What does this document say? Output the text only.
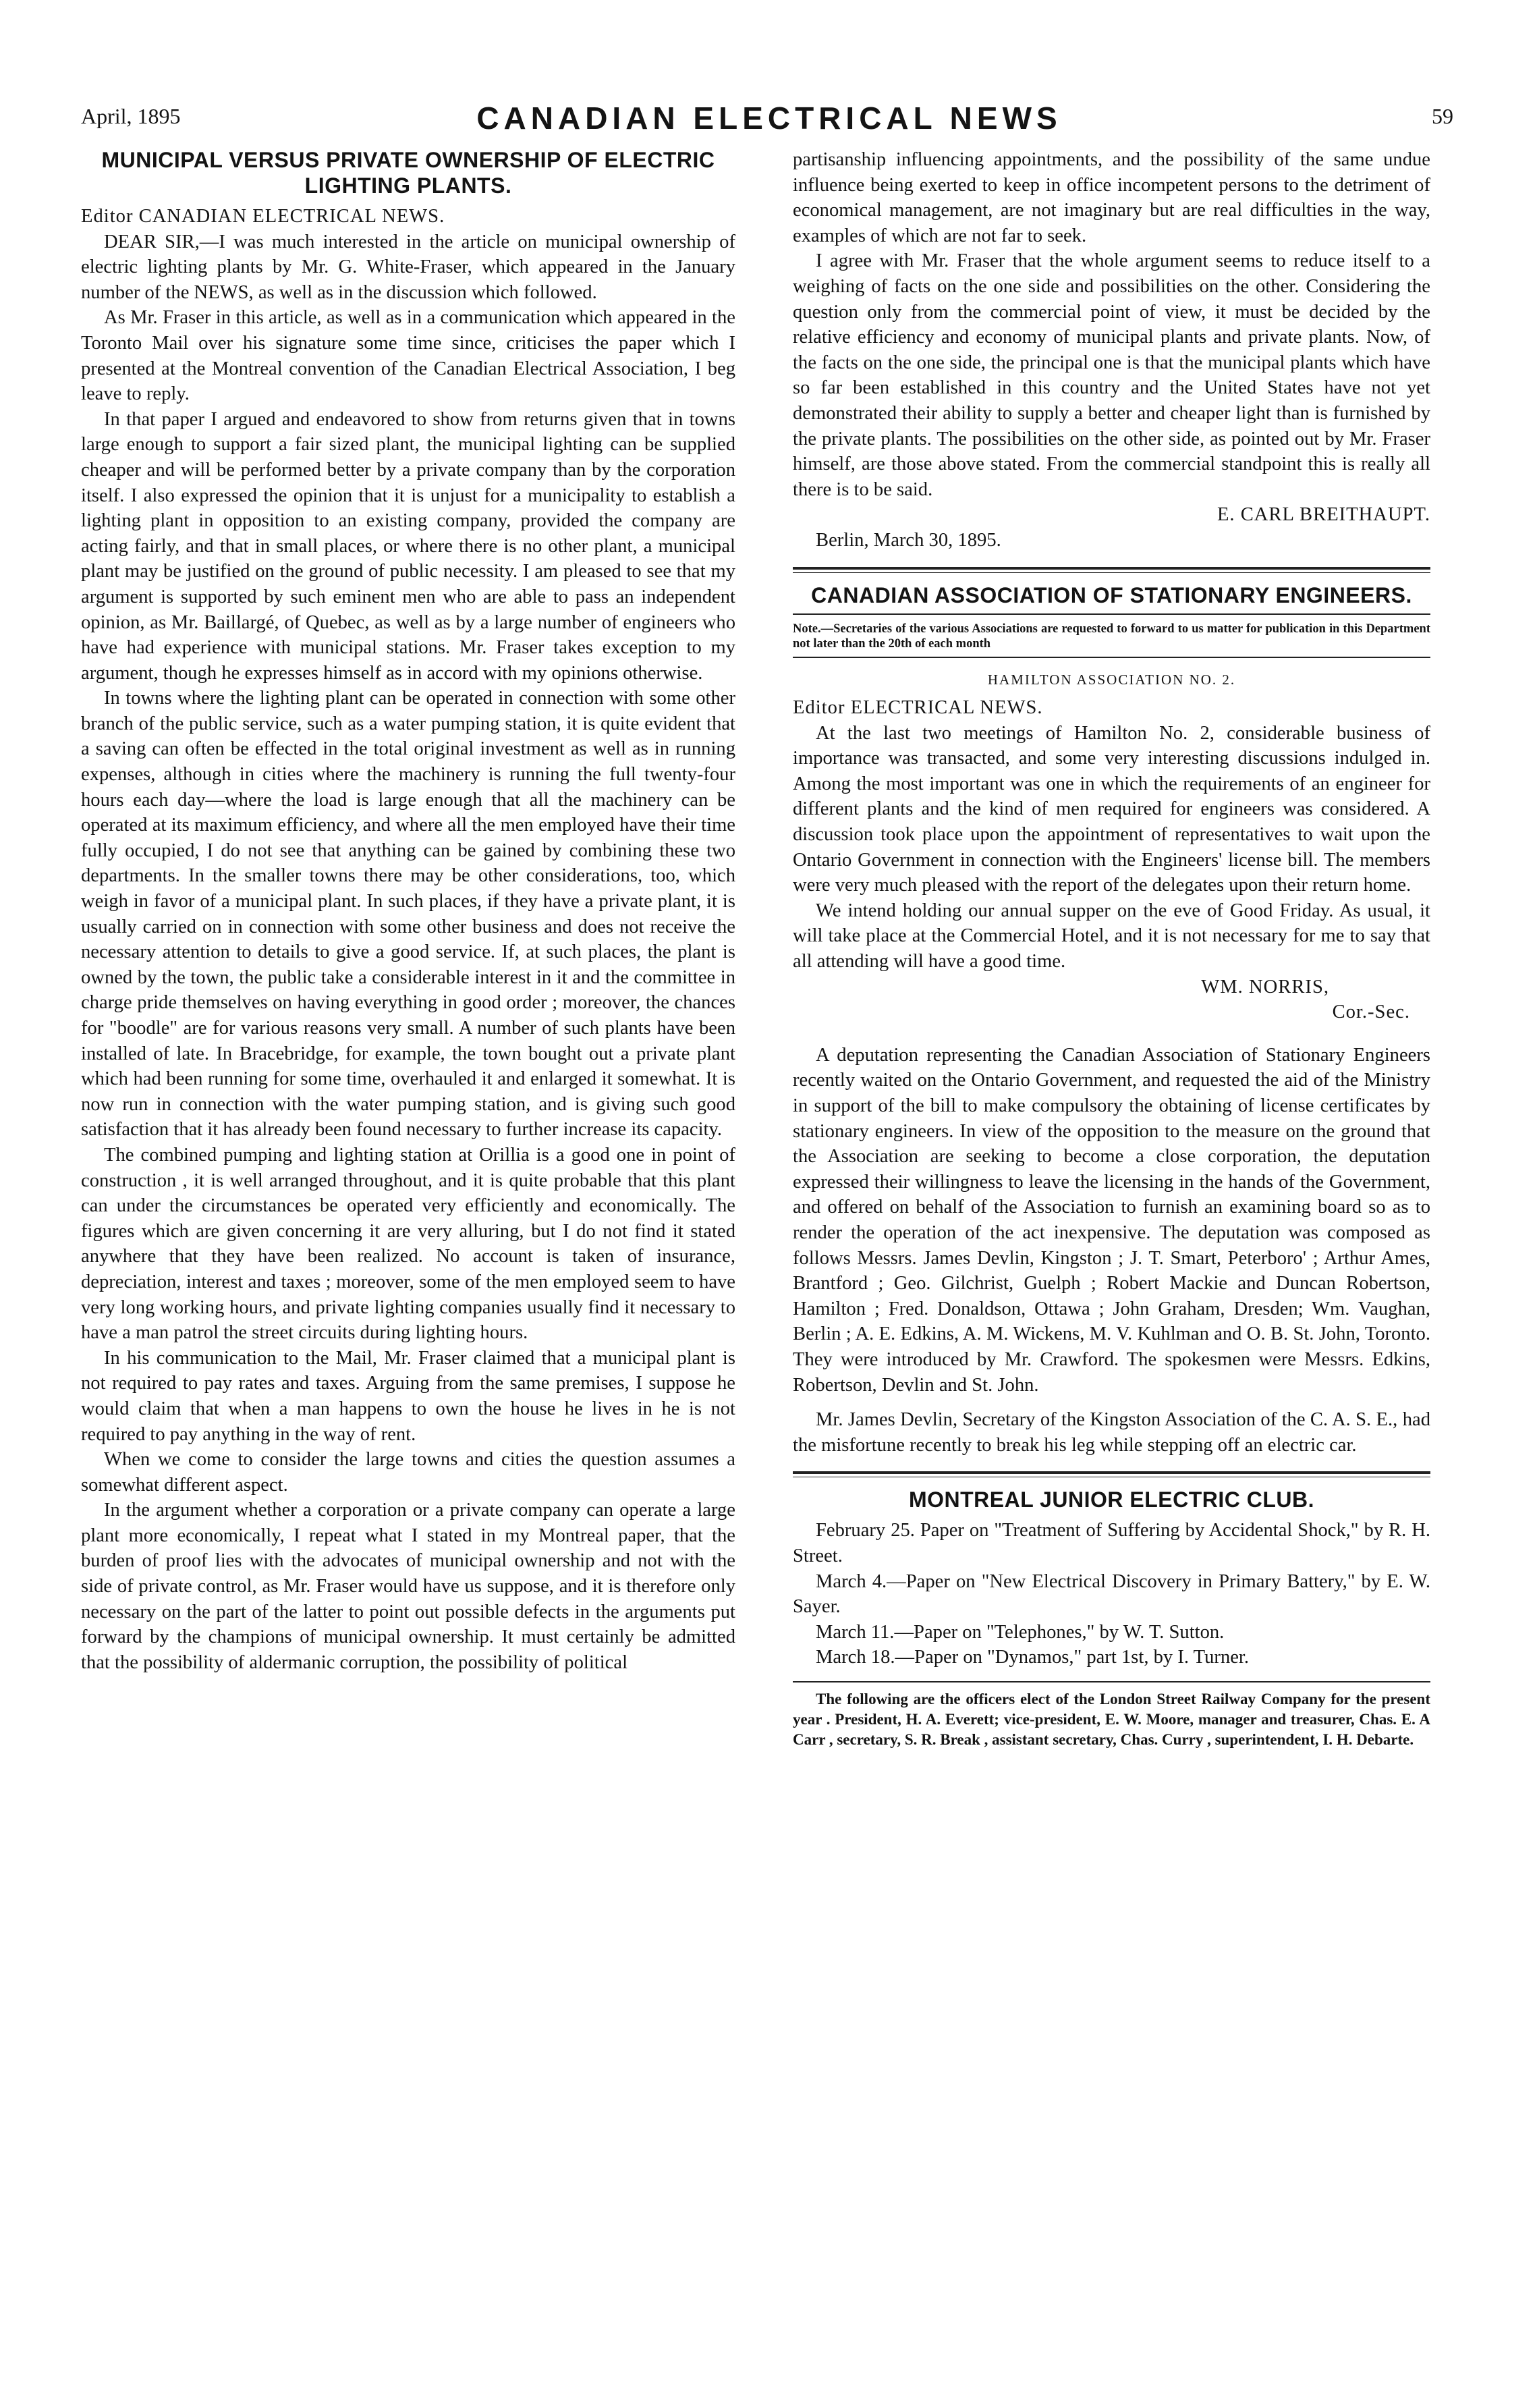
April, 1895	CANADIAN ELECTRICAL NEWS	59
MUNICIPAL VERSUS PRIVATE OWNERSHIP OF ELECTRIC LIGHTING PLANTS.

Editor CANADIAN ELECTRICAL NEWS.

DEAR SIR,—I was much interested in the article on municipal ownership of electric lighting plants by Mr. G. White-Fraser, which appeared in the January number of the NEWS, as well as in the discussion which followed.

As Mr. Fraser in this article, as well as in a communication which appeared in the Toronto Mail over his signature some time since, criticises the paper which I presented at the Montreal convention of the Canadian Electrical Association, I beg leave to reply.

In that paper I argued and endeavored to show from returns given that in towns large enough to support a fair sized plant, the municipal lighting can be supplied cheaper and will be performed better by a private company than by the corporation itself. I also expressed the opinion that it is unjust for a municipality to establish a lighting plant in opposition to an existing company, provided the company are acting fairly, and that in small places, or where there is no other plant, a municipal plant may be justified on the ground of public necessity. I am pleased to see that my argument is supported by such eminent men who are able to pass an independent opinion, as Mr. Baillargé, of Quebec, as well as by a large number of engineers who have had experience with municipal stations. Mr. Fraser takes exception to my argument, though he expresses himself as in accord with my opinions otherwise.

In towns where the lighting plant can be operated in connection with some other branch of the public service, such as a water pumping station, it is quite evident that a saving can often be effected in the total original investment as well as in running expenses, although in cities where the machinery is running the full twenty-four hours each day—where the load is large enough that all the machinery can be operated at its maximum efficiency, and where all the men employed have their time fully occupied, I do not see that anything can be gained by combining these two departments. In the smaller towns there may be other considerations, too, which weigh in favor of a municipal plant. In such places, if they have a private plant, it is usually carried on in connection with some other business and does not receive the necessary attention to details to give a good service. If, at such places, the plant is owned by the town, the public take a considerable interest in it and the committee in charge pride themselves on having everything in good order ; moreover, the chances for "boodle" are for various reasons very small. A number of such plants have been installed of late. In Bracebridge, for example, the town bought out a private plant which had been running for some time, overhauled it and enlarged it somewhat. It is now run in connection with the water pumping station, and is giving such good satisfaction that it has already been found necessary to further increase its capacity.

The combined pumping and lighting station at Orillia is a good one in point of construction , it is well arranged throughout, and it is quite probable that this plant can under the circumstances be operated very efficiently and economically. The figures which are given concerning it are very alluring, but I do not find it stated anywhere that they have been realized. No account is taken of insurance, depreciation, interest and taxes ; moreover, some of the men employed seem to have very long working hours, and private lighting companies usually find it necessary to have a man patrol the street circuits during lighting hours.

In his communication to the Mail, Mr. Fraser claimed that a municipal plant is not required to pay rates and taxes. Arguing from the same premises, I suppose he would claim that when a man happens to own the house he lives in he is not required to pay anything in the way of rent.

When we come to consider the large towns and cities the question assumes a somewhat different aspect.

In the argument whether a corporation or a private company can operate a large plant more economically, I repeat what I stated in my Montreal paper, that the burden of proof lies with the advocates of municipal ownership and not with the side of private control, as Mr. Fraser would have us suppose, and it is therefore only necessary on the part of the latter to point out possible defects in the arguments put forward by the champions of municipal ownership. It must certainly be admitted that the possibility of aldermanic corruption, the possibility of political

partisanship influencing appointments, and the possibility of the same undue influence being exerted to keep in office incompetent persons to the detriment of economical management, are not imaginary but are real difficulties in the way, examples of which are not far to seek.

I agree with Mr. Fraser that the whole argument seems to reduce itself to a weighing of facts on the one side and possibilities on the other. Considering the question only from the commercial point of view, it must be decided by the relative efficiency and economy of municipal plants and private plants. Now, of the facts on the one side, the principal one is that the municipal plants which have so far been established in this country and the United States have not yet demonstrated their ability to supply a better and cheaper light than is furnished by the private plants. The possibilities on the other side, as pointed out by Mr. Fraser himself, are those above stated. From the commercial standpoint this is really all there is to be said.

E. CARL BREITHAUPT.

Berlin, March 30, 1895.

CANADIAN ASSOCIATION OF STATIONARY ENGINEERS.

Note.—Secretaries of the various Associations are requested to forward to us matter for publication in this Department not later than the 20th of each month

HAMILTON ASSOCIATION NO. 2.

Editor ELECTRICAL NEWS.

At the last two meetings of Hamilton No. 2, considerable business of importance was transacted, and some very interesting discussions indulged in. Among the most important was one in which the requirements of an engineer for different plants and the kind of men required for engineers was considered. A discussion took place upon the appointment of representatives to wait upon the Ontario Government in connection with the Engineers' license bill. The members were very much pleased with the report of the delegates upon their return home.

We intend holding our annual supper on the eve of Good Friday. As usual, it will take place at the Commercial Hotel, and it is not necessary for me to say that all attending will have a good time.

WM. NORRIS,

Cor.-Sec.

A deputation representing the Canadian Association of Stationary Engineers recently waited on the Ontario Government, and requested the aid of the Ministry in support of the bill to make compulsory the obtaining of license certificates by stationary engineers. In view of the opposition to the measure on the ground that the Association are seeking to become a close corporation, the deputation expressed their willingness to leave the licensing in the hands of the Government, and offered on behalf of the Association to furnish an examining board so as to render the operation of the act inexpensive. The deputation was composed as follows Messrs. James Devlin, Kingston ; J. T. Smart, Peterboro' ; Arthur Ames, Brantford ; Geo. Gilchrist, Guelph ; Robert Mackie and Duncan Robertson, Hamilton ; Fred. Donaldson, Ottawa ; John Graham, Dresden; Wm. Vaughan, Berlin ; A. E. Edkins, A. M. Wickens, M. V. Kuhlman and O. B. St. John, Toronto. They were introduced by Mr. Crawford. The spokesmen were Messrs. Edkins, Robertson, Devlin and St. John.

Mr. James Devlin, Secretary of the Kingston Association of the C. A. S. E., had the misfortune recently to break his leg while stepping off an electric car.

MONTREAL JUNIOR ELECTRIC CLUB.

February 25. Paper on "Treatment of Suffering by Accidental Shock," by R. H. Street.

March 4.—Paper on "New Electrical Discovery in Primary Battery," by E. W. Sayer.

March 11.—Paper on "Telephones," by W. T. Sutton.

March 18.—Paper on "Dynamos," part 1st, by I. Turner.

The following are the officers elect of the London Street Railway Company for the present year . President, H. A. Everett; vice-president, E. W. Moore, manager and treasurer, Chas. E. A Carr , secretary, S. R. Break , assistant secretary, Chas. Curry , superintendent, I. H. Debarte.
